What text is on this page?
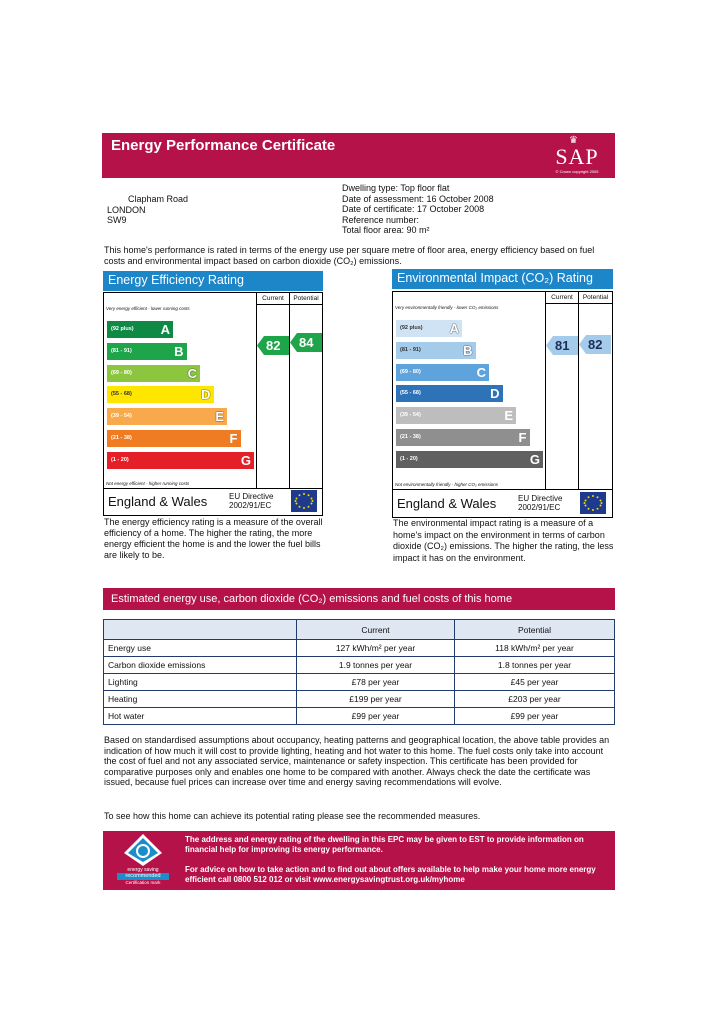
Energy Performance Certificate	♛
SAP
© Crown copyright 2005
Clapham Road
LONDON
SW9
Dwelling type: Top floor flat
Date of assessment: 16 October 2008
Date of certificate: 17 October 2008
Reference number:
Total floor area: 90 m²
This home's performance is rated in terms of the energy use per square metre of floor area, energy efficiency based on fuel costs and environmental impact based on carbon dioxide (CO₂) emissions.
Energy Efficiency Rating
Current	Potential
Very energy efficient - lower running costs
Not energy efficient - higher running costs
(92 plus) A
(81 - 91)	B
(69 - 80)	C
(55 - 68)	D
(39 - 54)	E
(21 - 38)	F
(1 - 20)	G
82 84
England & Wales	EU Directive 2002/91/EC
The energy efficiency rating is a measure of the overall efficiency of a home. The higher the rating, the more energy efficient the home is and the lower the fuel bills are likely to be.
Environmental Impact (CO₂) Rating
Current	Potential
Very environmentally friendly - lower CO₂ emissions
Not environmentally friendly - higher CO₂ emissions
(92 plus) A
(81 - 91)	B
(69 - 80)	C
(55 - 68)	D
(39 - 54)	E
(21 - 38)	F
(1 - 20)	G
81 82
England & Wales	EU Directive 2002/91/EC
The environmental impact rating is a measure of a home's impact on the environment in terms of carbon dioxide (CO₂) emissions. The higher the rating, the less impact it has on the environment.
Estimated energy use, carbon dioxide (CO₂) emissions and fuel costs of this home
	Current	Potential
Energy use	127 kWh/m² per year	118 kWh/m² per year
Carbon dioxide emissions	1.9 tonnes per year	1.8 tonnes per year
Lighting	£78 per year	£45 per year
Heating	£199 per year	£203 per year
Hot water	£99 per year	£99 per year
Based on standardised assumptions about occupancy, heating patterns and geographical location, the above table provides an indication of how much it will cost to provide lighting, heating and hot water to this home. The fuel costs only take into account the cost of fuel and not any associated service, maintenance or safety inspection. This certificate has been provided for comparative purposes only and enables one home to be compared with another. Always check the date the certificate was issued, because fuel prices can increase over time and energy saving recommendations will evolve.
To see how this home can achieve its potential rating please see the recommended measures.
energy saving
recommended
Certification mark
The address and energy rating of the dwelling in this EPC may be given to EST to provide information on financial help for improving its energy performance.
For advice on how to take action and to find out about offers available to help make your home more energy efficient call 0800 512 012 or visit www.energysavingtrust.org.uk/myhome
